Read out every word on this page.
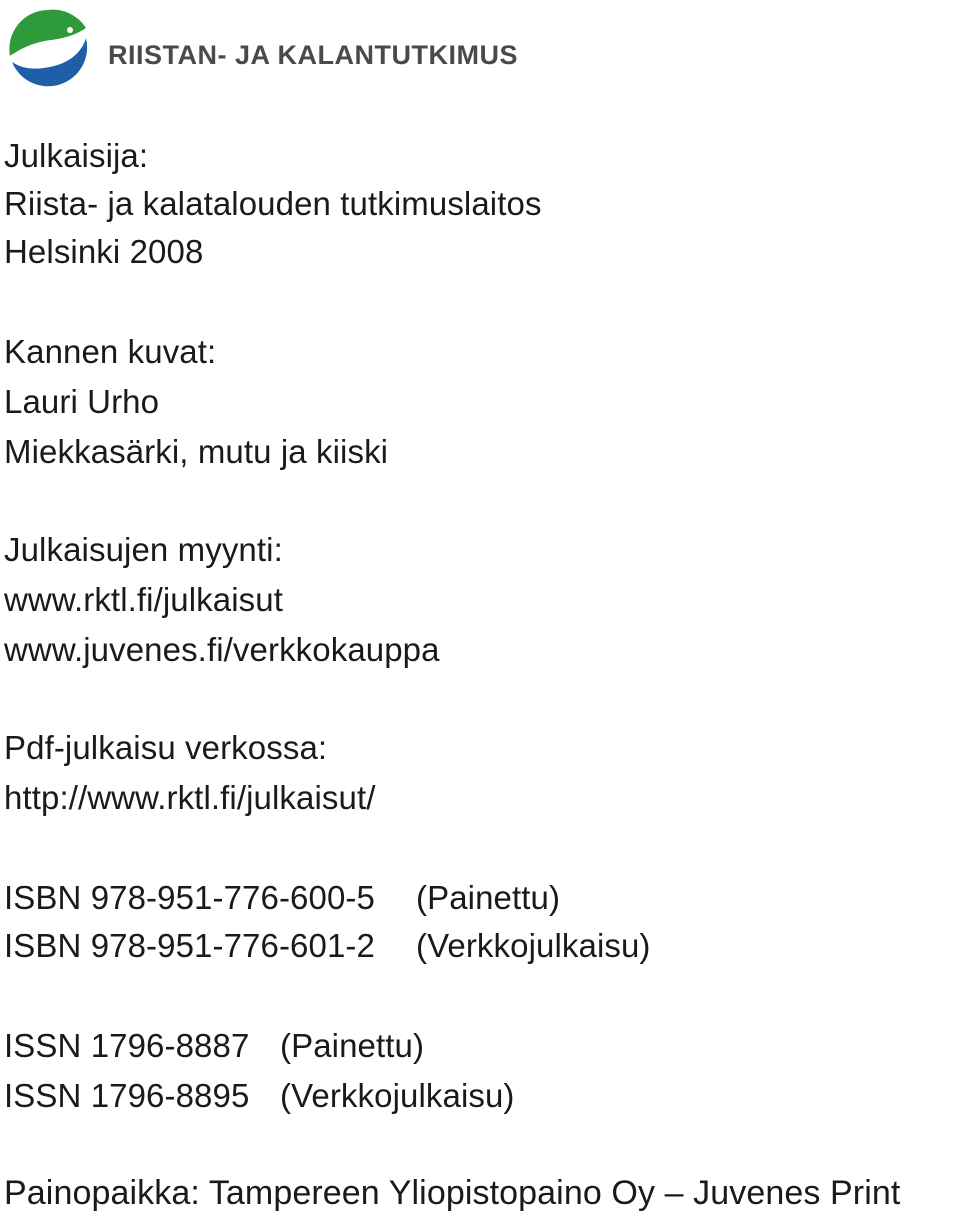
RIISTAN- JA KALANTUTKIMUS
Julkaisija:
Riista- ja kalatalouden tutkimuslaitos
Helsinki 2008
Kannen kuvat:
Lauri Urho
Miekkasärki, mutu ja kiiski
Julkaisujen myynti:
www.rktl.fi/julkaisut
www.juvenes.fi/verkkokauppa
Pdf-julkaisu verkossa:
http://www.rktl.fi/julkaisut/
ISBN 978-951-776-600-5 (Painettu)
ISBN 978-951-776-601-2 (Verkkojulkaisu)
ISSN 1796-8887 (Painettu)
ISSN 1796-8895 (Verkkojulkaisu)
Painopaikka: Tampereen Yliopistopaino Oy – Juvenes Print
